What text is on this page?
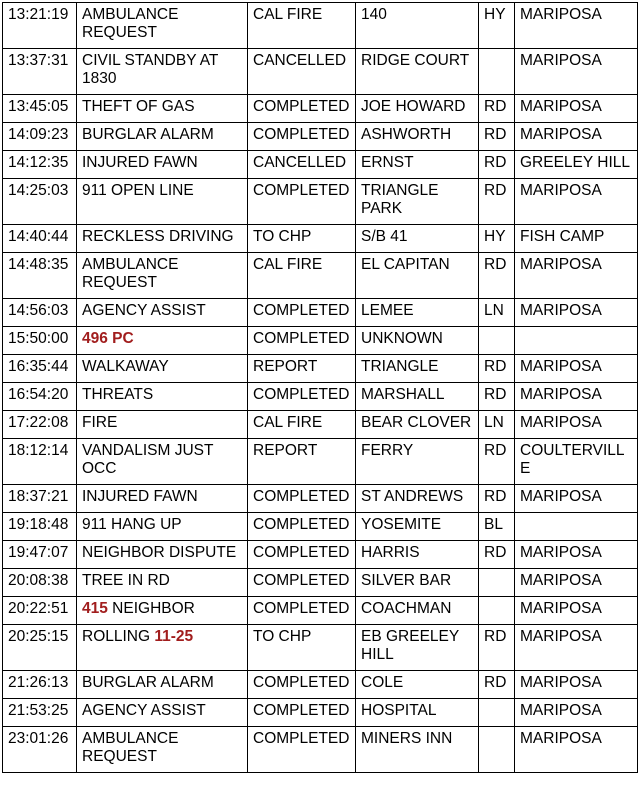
13:21:19	AMBULANCE REQUEST	CAL FIRE	140	HY	MARIPOSA
13:37:31	CIVIL STANDBY AT 1830	CANCELLED	RIDGE COURT		MARIPOSA
13:45:05	THEFT OF GAS	COMPLETED	JOE HOWARD	RD	MARIPOSA
14:09:23	BURGLAR ALARM	COMPLETED	ASHWORTH	RD	MARIPOSA
14:12:35	INJURED FAWN	CANCELLED	ERNST	RD	GREELEY HILL
14:25:03	911 OPEN LINE	COMPLETED	TRIANGLE PARK	RD	MARIPOSA
14:40:44	RECKLESS DRIVING	TO CHP	S/B 41	HY	FISH CAMP
14:48:35	AMBULANCE REQUEST	CAL FIRE	EL CAPITAN	RD	MARIPOSA
14:56:03	AGENCY ASSIST	COMPLETED	LEMEE	LN	MARIPOSA
15:50:00	496 PC	COMPLETED	UNKNOWN		
16:35:44	WALKAWAY	REPORT	TRIANGLE	RD	MARIPOSA
16:54:20	THREATS	COMPLETED	MARSHALL	RD	MARIPOSA
17:22:08	FIRE	CAL FIRE	BEAR CLOVER	LN	MARIPOSA
18:12:14	VANDALISM JUST OCC	REPORT	FERRY	RD	COULTERVILLE
18:37:21	INJURED FAWN	COMPLETED	ST ANDREWS	RD	MARIPOSA
19:18:48	911 HANG UP	COMPLETED	YOSEMITE	BL	
19:47:07	NEIGHBOR DISPUTE	COMPLETED	HARRIS	RD	MARIPOSA
20:08:38	TREE IN RD	COMPLETED	SILVER BAR		MARIPOSA
20:22:51	415 NEIGHBOR	COMPLETED	COACHMAN		MARIPOSA
20:25:15	ROLLING 11-25	TO CHP	EB GREELEY HILL	RD	MARIPOSA
21:26:13	BURGLAR ALARM	COMPLETED	COLE	RD	MARIPOSA
21:53:25	AGENCY ASSIST	COMPLETED	HOSPITAL		MARIPOSA
23:01:26	AMBULANCE REQUEST	COMPLETED	MINERS INN		MARIPOSA
